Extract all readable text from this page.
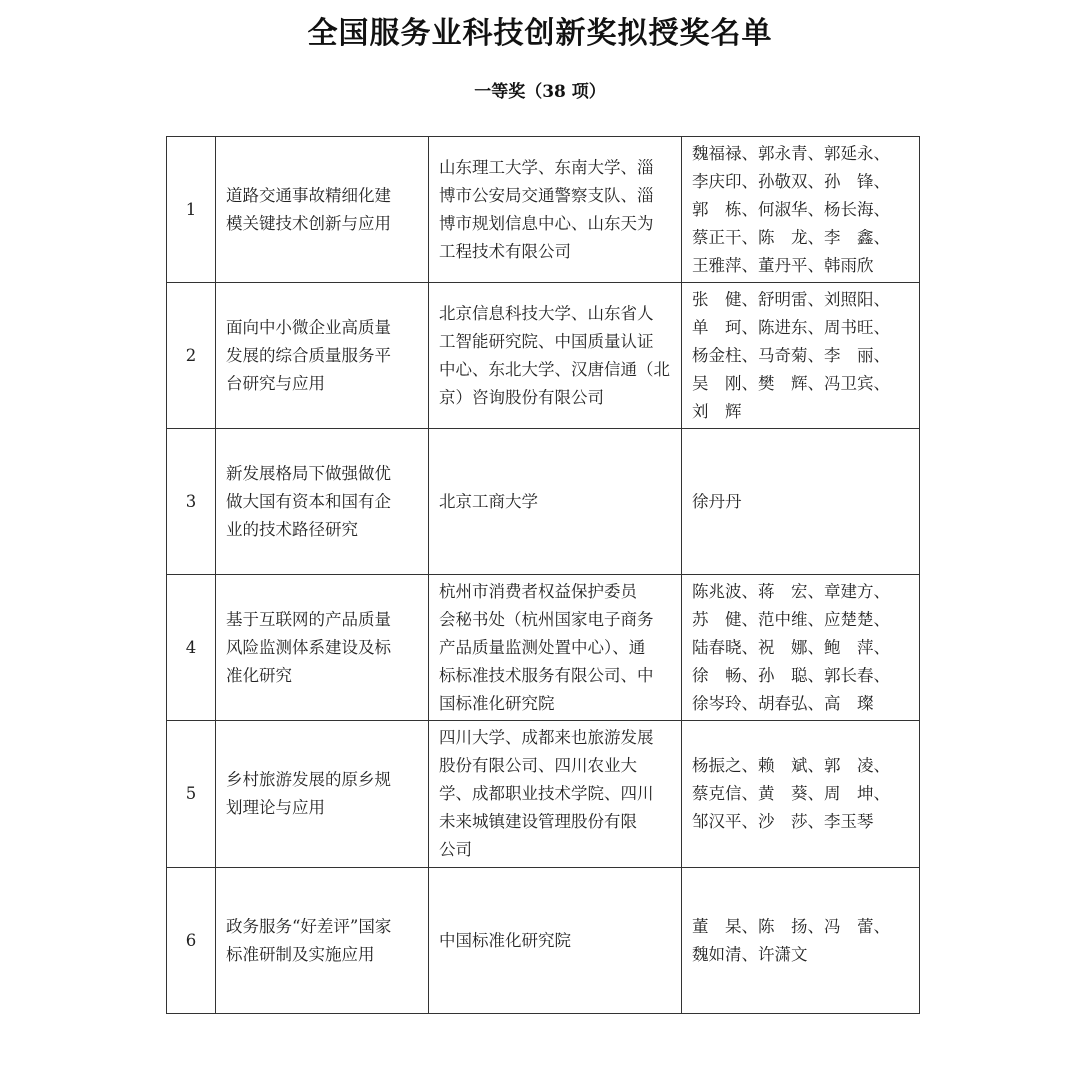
全国服务业科技创新奖拟授奖名单
一等奖（38 项）
1	道路交通事故精细化建
模关键技术创新与应用	山东理工大学、东南大学、淄
博市公安局交通警察支队、淄
博市规划信息中心、山东天为
工程技术有限公司	魏福禄、郭永青、郭延永、
李庆印、孙敬双、孙　锋、
郭　栋、何淑华、杨长海、
蔡正干、陈　龙、李　鑫、
王雅萍、董丹平、韩雨欣

2	面向中小微企业高质量
发展的综合质量服务平
台研究与应用	北京信息科技大学、山东省人
工智能研究院、中国质量认证
中心、东北大学、汉唐信通（北
京）咨询股份有限公司	张　健、舒明雷、刘照阳、
单　珂、陈进东、周书旺、
杨金柱、马奇菊、李　丽、
吴　刚、樊　辉、冯卫宾、
刘　辉

3	新发展格局下做强做优
做大国有资本和国有企
业的技术路径研究	北京工商大学	徐丹丹

4	基于互联网的产品质量
风险监测体系建设及标
准化研究	杭州市消费者权益保护委员
会秘书处（杭州国家电子商务
产品质量监测处置中心）、通
标标准技术服务有限公司、中
国标准化研究院	陈兆波、蒋　宏、章建方、
苏　健、范中维、应楚楚、
陆春晓、祝　娜、鲍　萍、
徐　畅、孙　聪、郭长春、
徐岑玲、胡春弘、高　璨

5	乡村旅游发展的原乡规
划理论与应用	四川大学、成都来也旅游发展
股份有限公司、四川农业大
学、成都职业技术学院、四川
未来城镇建设管理股份有限
公司	杨振之、赖　斌、郭　凌、
蔡克信、黄　葵、周　坤、
邹汉平、沙　莎、李玉琴

6	政务服务“好差评”国家
标准研制及实施应用	中国标准化研究院	董　杲、陈　扬、冯　蕾、
魏如清、许潇文
